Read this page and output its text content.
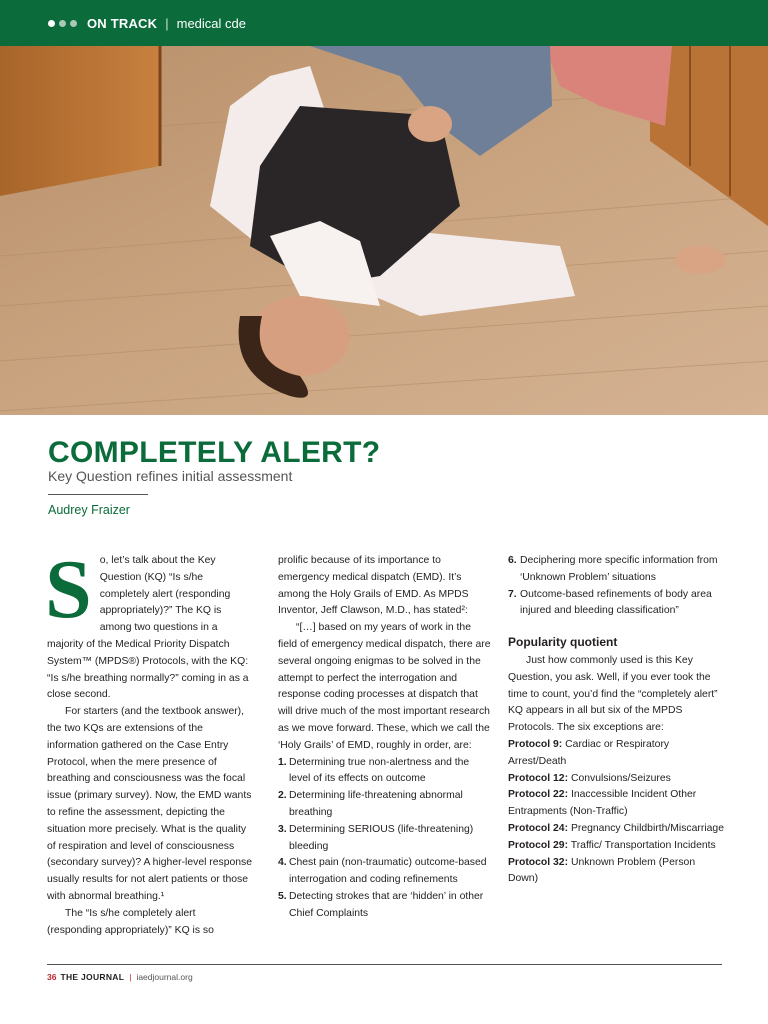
ON TRACK | medical cde
COMPLETELY ALERT?
Key Question refines initial assessment
Audrey Fraizer
S o, let’s talk about the Key Question (KQ) “Is s/he completely alert (responding appropriately)?” The KQ is among two questions in a majority of the Medical Priority Dispatch System™ (MPDS®) Protocols, with the KQ: “Is s/he breathing normally?” coming in as a close second.

For starters (and the textbook answer), the two KQs are extensions of the information gathered on the Case Entry Protocol, when the mere presence of breathing and consciousness was the focal issue (primary survey). Now, the EMD wants to refine the assessment, depicting the situation more precisely. What is the quality of respiration and level of consciousness (secondary survey)? A higher-level response usually results for not alert patients or those with abnormal breathing.¹

The “Is s/he completely alert (responding appropriately)” KQ is so

prolific because of its importance to emergency medical dispatch (EMD). It’s among the Holy Grails of EMD. As MPDS Inventor, Jeff Clawson, M.D., has stated²:

“[…] based on my years of work in the field of emergency medical dispatch, there are several ongoing enigmas to be solved in the attempt to perfect the interrogation and response coding processes at dispatch that will drive much of the most important research as we move forward. These, which we call the ‘Holy Grails’ of EMD, roughly in order, are:

1. Determining true non-alertness and the level of its effects on outcome
2. Determining life-threatening abnormal breathing
3. Determining SERIOUS (life-threatening) bleeding
4. Chest pain (non-traumatic) outcome-based interrogation and coding refinements
5. Detecting strokes that are ‘hidden’ in other Chief Complaints
6. Deciphering more specific information from ‘Unknown Problem’ situations
7. Outcome-based refinements of body area injured and bleeding classification”
Popularity quotient

Just how commonly used is this Key Question, you ask. Well, if you ever took the time to count, you’d find the “completely alert” KQ appears in all but six of the MPDS Protocols. The six exceptions are:

Protocol 9: Cardiac or Respiratory Arrest/Death
Protocol 12: Convulsions/Seizures
Protocol 22: Inaccessible Incident Other Entrapments (Non-Traffic)
Protocol 24: Pregnancy Childbirth/Miscarriage
Protocol 29: Traffic/ Transportation Incidents
Protocol 32: Unknown Problem (Person Down)
36 THE JOURNAL | iaedjournal.org
